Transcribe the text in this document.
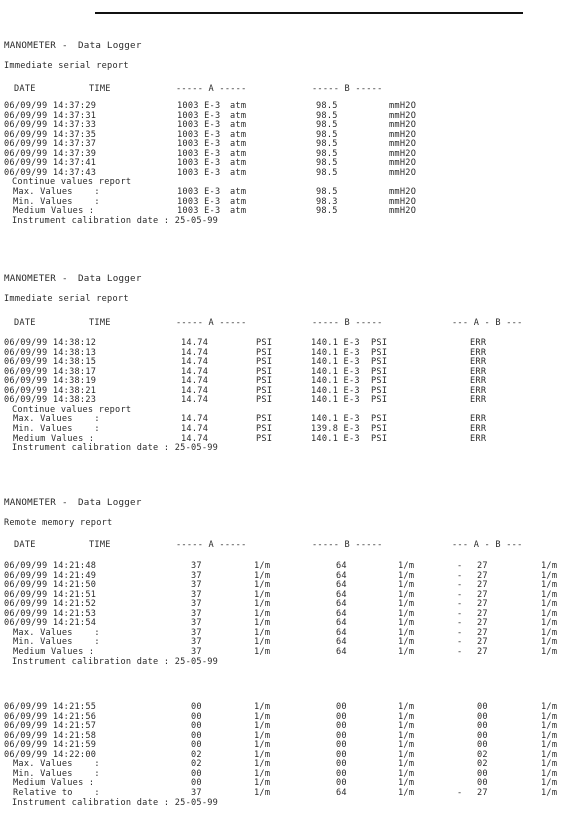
MANOMETER - Data Logger
Immediate serial report
DATE	TIME	----- A -----	----- B -----
06/09/99 14:37:29	1003 E-3 atm	98.5	mmH2O
06/09/99 14:37:31	1003 E-3 atm	98.5	mmH2O
06/09/99 14:37:33	1003 E-3 atm	98.5	mmH2O
06/09/99 14:37:35	1003 E-3 atm	98.5	mmH2O
06/09/99 14:37:37	1003 E-3 atm	98.5	mmH2O
06/09/99 14:37:39	1003 E-3 atm	98.5	mmH2O
06/09/99 14:37:41	1003 E-3 atm	98.5	mmH2O
06/09/99 14:37:43	1003 E-3 atm	98.5	mmH2O
Continue values report
Max. Values    :	1003 E-3 atm	98.5	mmH2O
Min. Values    :	1003 E-3 atm	98.3	mmH2O
Medium Values :	1003 E-3 atm	98.5	mmH2O
Instrument calibration date : 25-05-99
MANOMETER - Data Logger
Immediate serial report
DATE	TIME	----- A -----	----- B -----	--- A - B ---
06/09/99 14:38:12	14.74	PSI	140.1 E-3 PSI	ERR
06/09/99 14:38:13	14.74	PSI	140.1 E-3 PSI	ERR
06/09/99 14:38:15	14.74	PSI	140.1 E-3 PSI	ERR
06/09/99 14:38:17	14.74	PSI	140.1 E-3 PSI	ERR
06/09/99 14:38:19	14.74	PSI	140.1 E-3 PSI	ERR
06/09/99 14:38:21	14.74	PSI	140.1 E-3 PSI	ERR
06/09/99 14:38:23	14.74	PSI	140.1 E-3 PSI	ERR
Continue values report
Max. Values    :	14.74	PSI	140.1 E-3 PSI	ERR
Min. Values    :	14.74	PSI	139.8 E-3 PSI	ERR
Medium Values :	14.74	PSI	140.1 E-3 PSI	ERR
Instrument calibration date : 25-05-99
MANOMETER - Data Logger
Remote memory report
DATE	TIME	----- A -----	----- B -----	--- A - B ---
06/09/99 14:21:48	37	1/m	64	1/m	- 27	1/m
06/09/99 14:21:49	37	1/m	64	1/m	- 27	1/m
06/09/99 14:21:50	37	1/m	64	1/m	- 27	1/m
06/09/99 14:21:51	37	1/m	64	1/m	- 27	1/m
06/09/99 14:21:52	37	1/m	64	1/m	- 27	1/m
06/09/99 14:21:53	37	1/m	64	1/m	- 27	1/m
06/09/99 14:21:54	37	1/m	64	1/m	- 27	1/m
Max. Values    :	37	1/m	64	1/m	- 27	1/m
Min. Values    :	37	1/m	64	1/m	- 27	1/m
Medium Values :	37	1/m	64	1/m	- 27	1/m
Instrument calibration date : 25-05-99
06/09/99 14:21:55	00	1/m	00	1/m	00	1/m
06/09/99 14:21:56	00	1/m	00	1/m	00	1/m
06/09/99 14:21:57	00	1/m	00	1/m	00	1/m
06/09/99 14:21:58	00	1/m	00	1/m	00	1/m
06/09/99 14:21:59	00	1/m	00	1/m	00	1/m
06/09/99 14:22:00	02	1/m	00	1/m	02	1/m
Max. Values    :	02	1/m	00	1/m	02	1/m
Min. Values    :	00	1/m	00	1/m	00	1/m
Medium Values :	00	1/m	00	1/m	00	1/m
Relative to    :	37	1/m	64	1/m	- 27	1/m
Instrument calibration date : 25-05-99
